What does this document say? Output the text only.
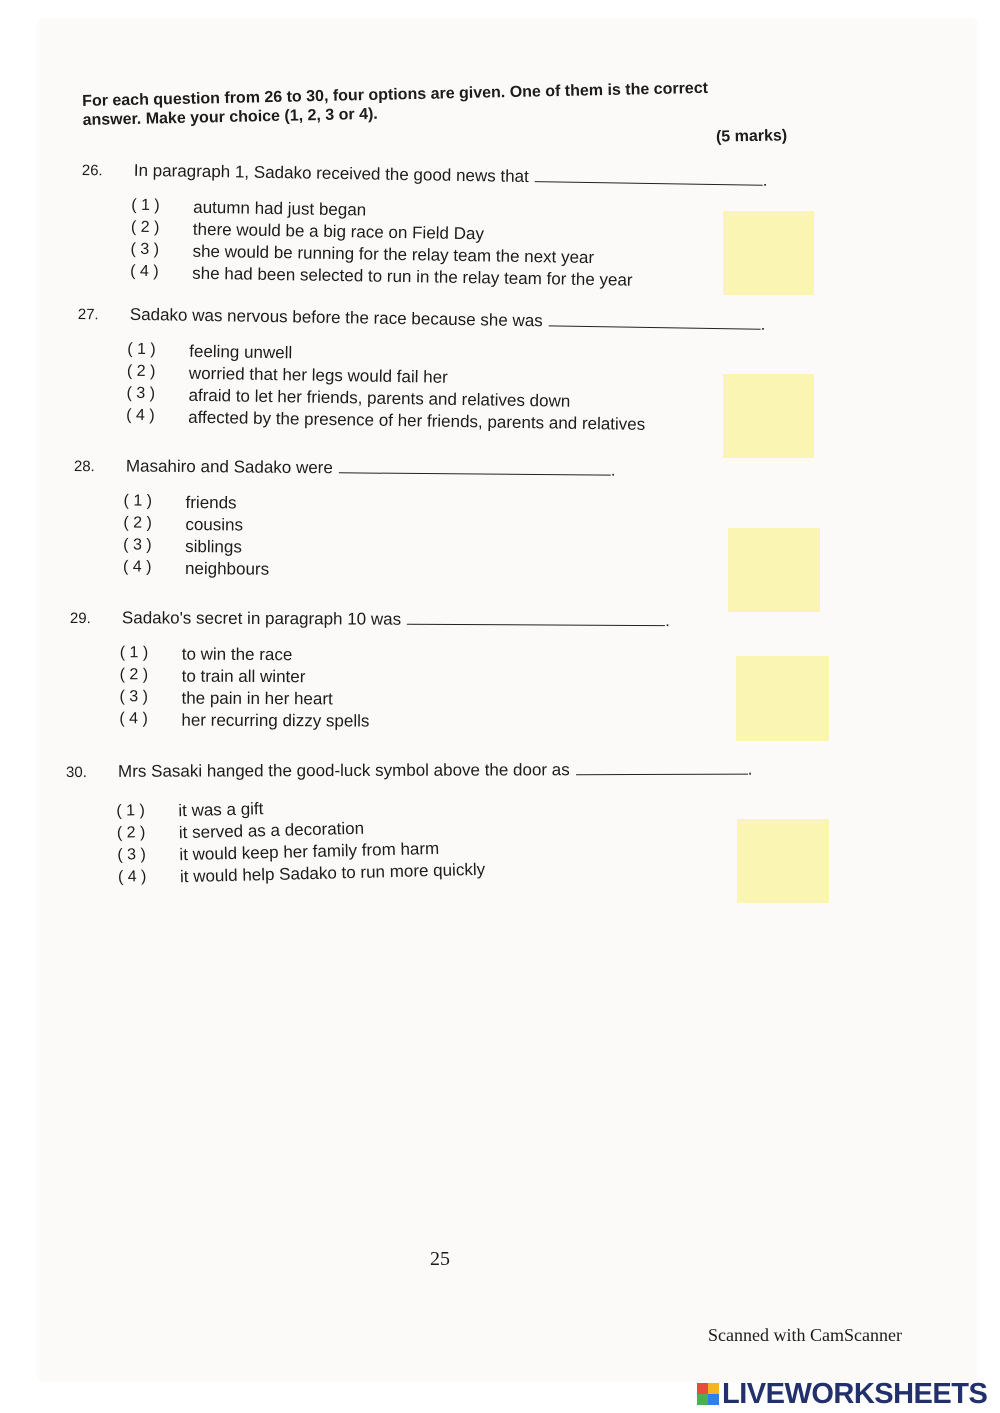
For each question from 26 to 30, four options are given. One of them is the correct
answer. Make your choice (1, 2, 3 or 4).
(5 marks)
26. In paragraph 1, Sadako received the good news that	.
( 1 ) autumn had just began
( 2 ) there would be a big race on Field Day
( 3 ) she would be running for the relay team the next year
( 4 ) she had been selected to run in the relay team for the year
27. Sadako was nervous before the race because she was	.
( 1 ) feeling unwell
( 2 ) worried that her legs would fail her
( 3 ) afraid to let her friends, parents and relatives down
( 4 ) affected by the presence of her friends, parents and relatives
28. Masahiro and Sadako were	.
( 1 ) friends
( 2 ) cousins
( 3 ) siblings
( 4 ) neighbours
29. Sadako's secret in paragraph 10 was	.
( 1 ) to win the race
( 2 ) to train all winter
( 3 ) the pain in her heart
( 4 ) her recurring dizzy spells
30. Mrs Sasaki hanged the good-luck symbol above the door as	.
( 1 ) it was a gift
( 2 ) it served as a decoration
( 3 ) it would keep her family from harm
( 4 ) it would help Sadako to run more quickly
25
Scanned with CamScanner
LIVEWORKSHEETS
